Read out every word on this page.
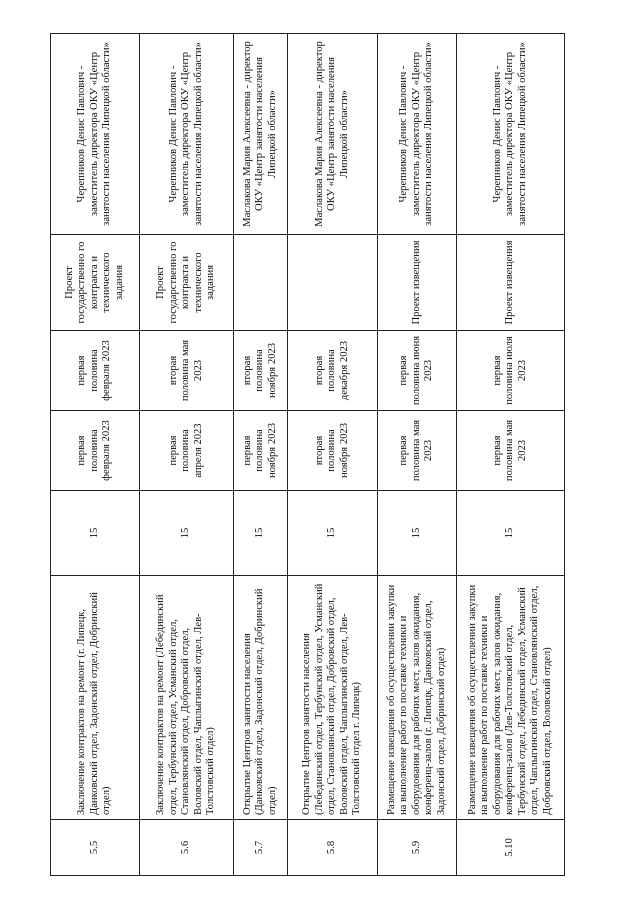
5.5	Заключение контрактов на ремонт (г. Липецк, Данковский отдел, Задонский отдел, Добринский отдел)	15	первая половина февраля 2023	первая половина февраля 2023	Проект государственно го контракта и технического задания	Черепников Денис Павлович - заместитель директора ОКУ «Центр занятости населения Липецкой области»
5.6	Заключение контрактов на ремонт (Лебединский отдел, Тербунский отдел, Усманский отдел, Становлянский отдел, Добровский отдел, Воловский отдел, Чаплыгинский отдел, Лев-Толстовский отдел)	15	первая половина апреля 2023	вторая половина мая 2023	Проект государственно го контракта и технического задания	Черепников Денис Павлович - заместитель директора ОКУ «Центр занятости населения Липецкой области»
5.7	Открытие Центров занятости населения (Данковский отдел, Задонский отдел, Добринский отдел)	15	первая половина ноября 2023	вторая половина ноября 2023		Маслакова Мария Алексеевна - директор ОКУ «Центр занятости населения Липецкой области»
5.8	Открытие Центров занятости населения (Лебединский отдел, Тербунский отдел, Усманский отдел, Становлянский отдел, Добровский отдел, Воловский отдел, Чаплыгинский отдел, Лев-Толстовский отдел г. Липецк)	15	вторая половина ноября 2023	вторая половина декабря 2023		Маслакова Мария Алексеевна - директор ОКУ «Центр занятости населения Липецкой области»
5.9	Размещение извещения об осуществлении закупки на выполнение работ по поставке техники и оборудования для рабочих мест, залов ожидания, конференц-залов (г. Липецк, Данковский отдел, Задонский отдел, Добринский отдел)	15	первая половина мая 2023	первая половина июня 2023	Проект извещения	Черепников Денис Павлович - заместитель директора ОКУ «Центр занятости населения Липецкой области»
5.10	Размещение извещения об осуществлении закупки на выполнение работ по поставке техники и оборудования для рабочих мест, залов ожидания, конференц-залов (Лев-Толстовский отдел, Тербунский отдел, Лебединский отдел, Усманский отдел, Чаплыгинский отдел, Становлянский отдел, Добровский отдел, Воловский отдел)	15	первая половина мая 2023	первая половина июля 2023	Проект извещения	Черепников Денис Павлович - заместитель директора ОКУ «Центр занятости населения Липецкой области»
